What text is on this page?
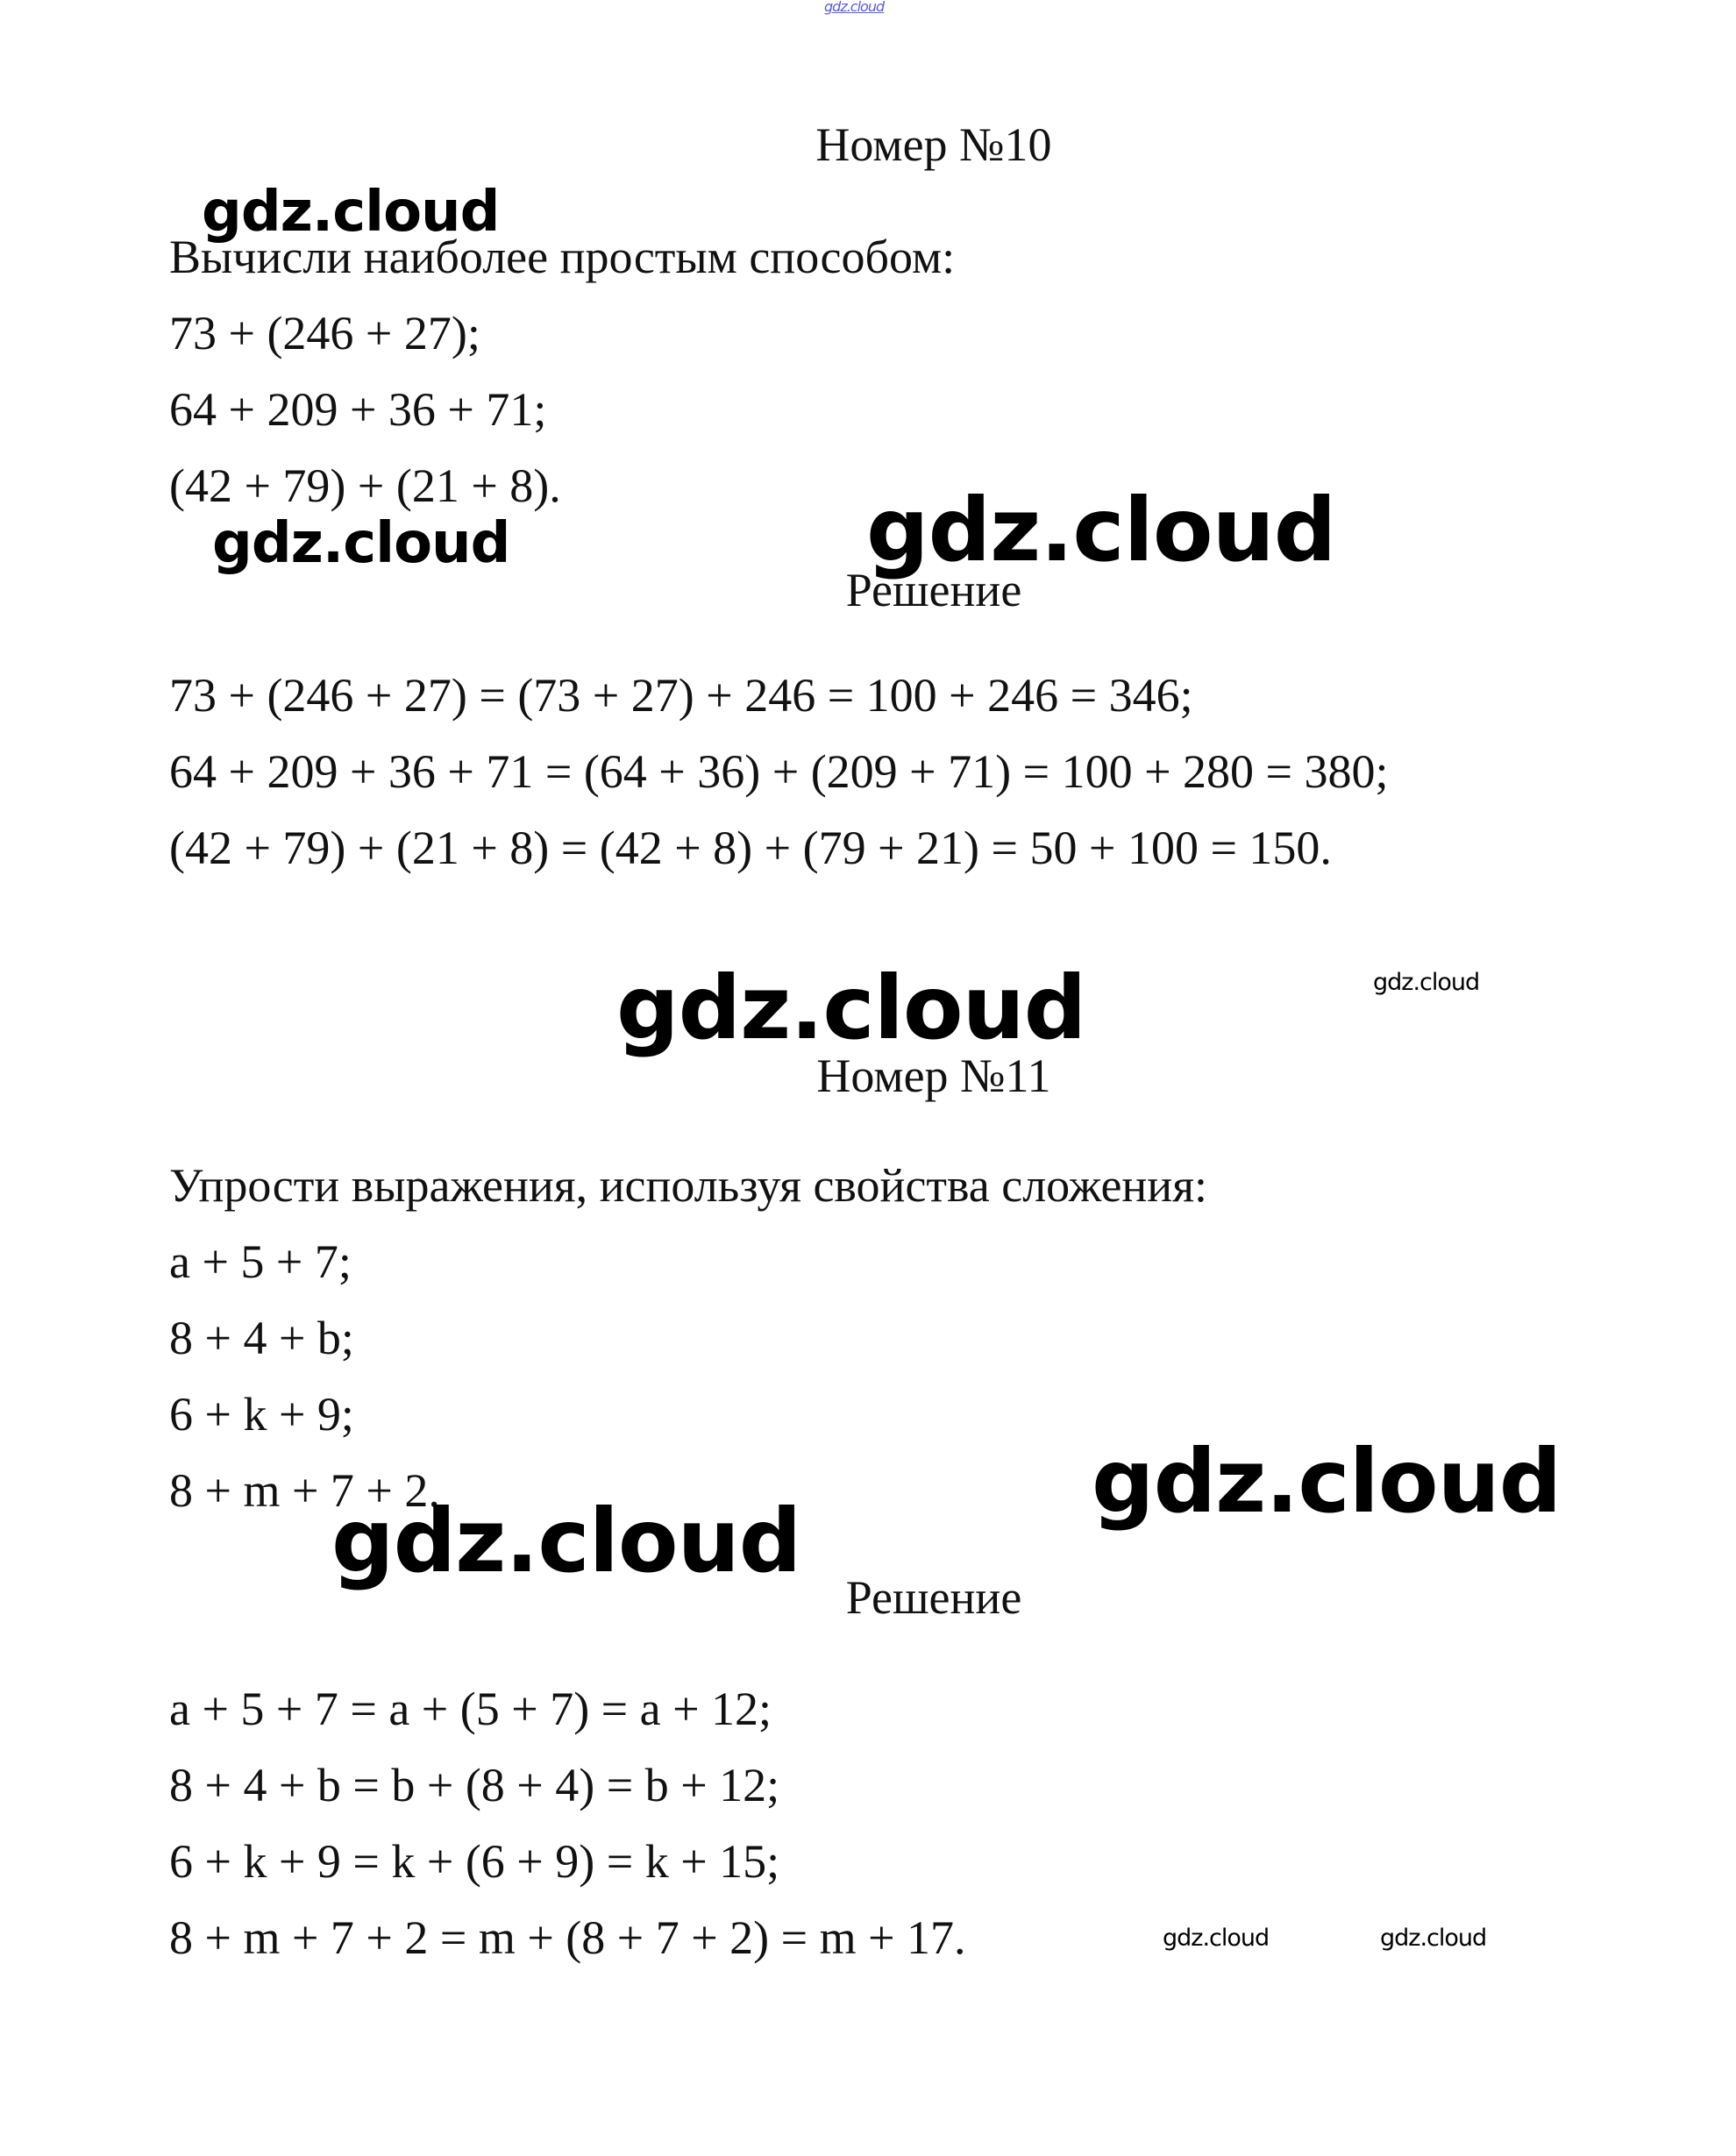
gdz.cloud
Номер №10
gdz.cloud
Вычисли наиболее простым способом:
73 + (246 + 27);
64 + 209 + 36 + 71;
(42 + 79) + (21 + 8).
gdz.cloud	gdz.cloud
Решение
73 + (246 + 27) = (73 + 27) + 246 = 100 + 246 = 346;
64 + 209 + 36 + 71 = (64 + 36) + (209 + 71) = 100 + 280 = 380;
(42 + 79) + (21 + 8) = (42 + 8) + (79 + 21) = 50 + 100 = 150.
gdz.cloud	gdz.cloud
Номер №11
Упрости выражения, используя свойства сложения:
a + 5 + 7;
8 + 4 + b;
6 + k + 9;
8 + m + 7 + 2.	gdz.cloud
gdz.cloud
Решение
a + 5 + 7 = a + (5 + 7) = a + 12;
8 + 4 + b = b + (8 + 4) = b + 12;
6 + k + 9 = k + (6 + 9) = k + 15;
8 + m + 7 + 2 = m + (8 + 7 + 2) = m + 17.	gdz.cloud	gdz.cloud
